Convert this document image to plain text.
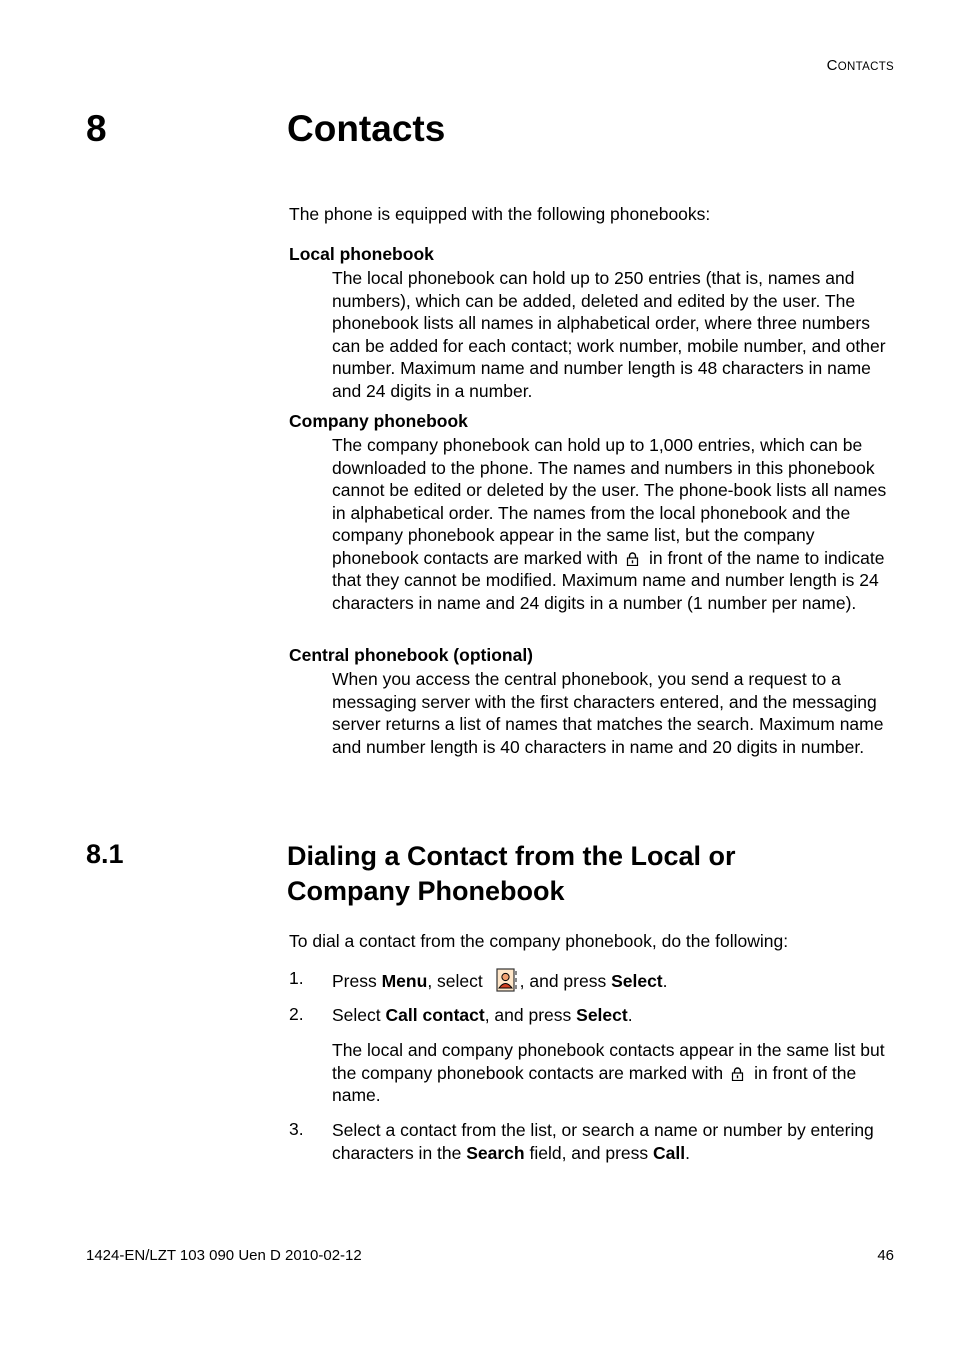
CONTACTS
8	Contacts
The phone is equipped with the following phonebooks:
Local phonebook
The local phonebook can hold up to 250 entries (that is, names and numbers), which can be added, deleted and edited by the user. The phonebook lists all names in alphabetical order, where three numbers can be added for each contact; work number, mobile number, and other number. Maximum name and number length is 48 characters in name and 24 digits in a number.
Company phonebook
The company phonebook can hold up to 1,000 entries, which can be downloaded to the phone. The names and numbers in this phonebook cannot be edited or deleted by the user. The phone-book lists all names in alphabetical order. The names from the local phonebook and the company phonebook appear in the same list, but the company phonebook contacts are marked with in front of the name to indicate that they cannot be modified. Maximum name and number length is 24 characters in name and 24 digits in a number (1 number per name).
Central phonebook (optional)
When you access the central phonebook, you send a request to a messaging server with the first characters entered, and the messaging server returns a list of names that matches the search. Maximum name and number length is 40 characters in name and 20 digits in number.
8.1	Dialing a Contact from the Local or Company Phonebook
To dial a contact from the company phonebook, do the following:
1. Press Menu, select , and press Select.
2. Select Call contact, and press Select.
The local and company phonebook contacts appear in the same list but the company phonebook contacts are marked with in front of the name.
3. Select a contact from the list, or search a name or number by entering characters in the Search field, and press Call.
1424-EN/LZT 103 090 Uen D 2010-02-12	46
